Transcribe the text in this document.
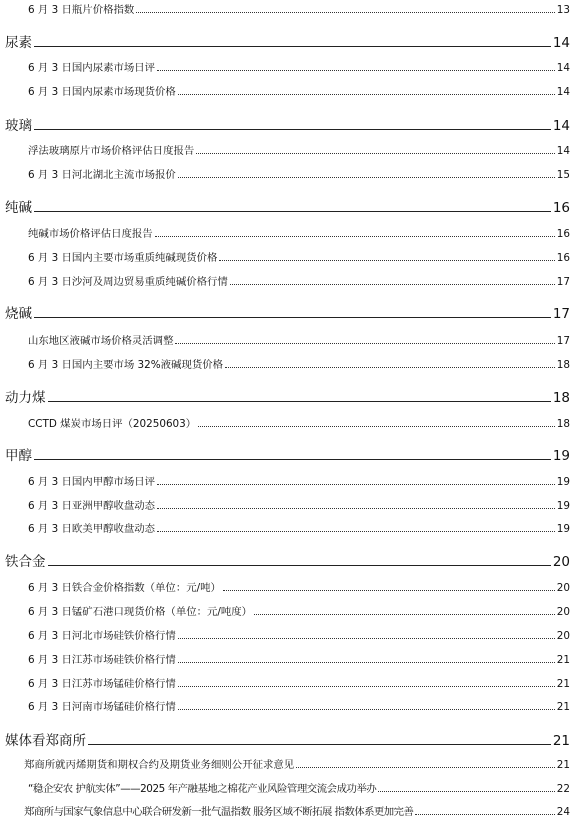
6 月 3 日瓶片价格指数	13
尿素	14
6 月 3 日国内尿素市场日评	14
6 月 3 日国内尿素市场现货价格	14
玻璃	14
浮法玻璃原片市场价格评估日度报告	14
6 月 3 日河北湖北主流市场报价	15
纯碱	16
纯碱市场价格评估日度报告	16
6 月 3 日国内主要市场重质纯碱现货价格	16
6 月 3 日沙河及周边贸易重质纯碱价格行情	17
烧碱	17
山东地区液碱市场价格灵活调整	17
6 月 3 日国内主要市场 32%液碱现货价格	18
动力煤	18
CCTD 煤炭市场日评（20250603）	18
甲醇	19
6 月 3 日国内甲醇市场日评	19
6 月 3 日亚洲甲醇收盘动态	19
6 月 3 日欧美甲醇收盘动态	19
铁合金	20
6 月 3 日铁合金价格指数（单位：元/吨）	20
6 月 3 日锰矿石港口现货价格（单位：元/吨度）	20
6 月 3 日河北市场硅铁价格行情	20
6 月 3 日江苏市场硅铁价格行情	21
6 月 3 日江苏市场锰硅价格行情	21
6 月 3 日河南市场锰硅价格行情	21
媒体看郑商所	21
郑商所就丙烯期货和期权合约及期货业务细则公开征求意见	21
“稳企安农 护航实体”——2025 年产融基地之棉花产业风险管理交流会成功举办	22
郑商所与国家气象信息中心联合研发新一批气温指数 服务区域不断拓展 指数体系更加完善	24
